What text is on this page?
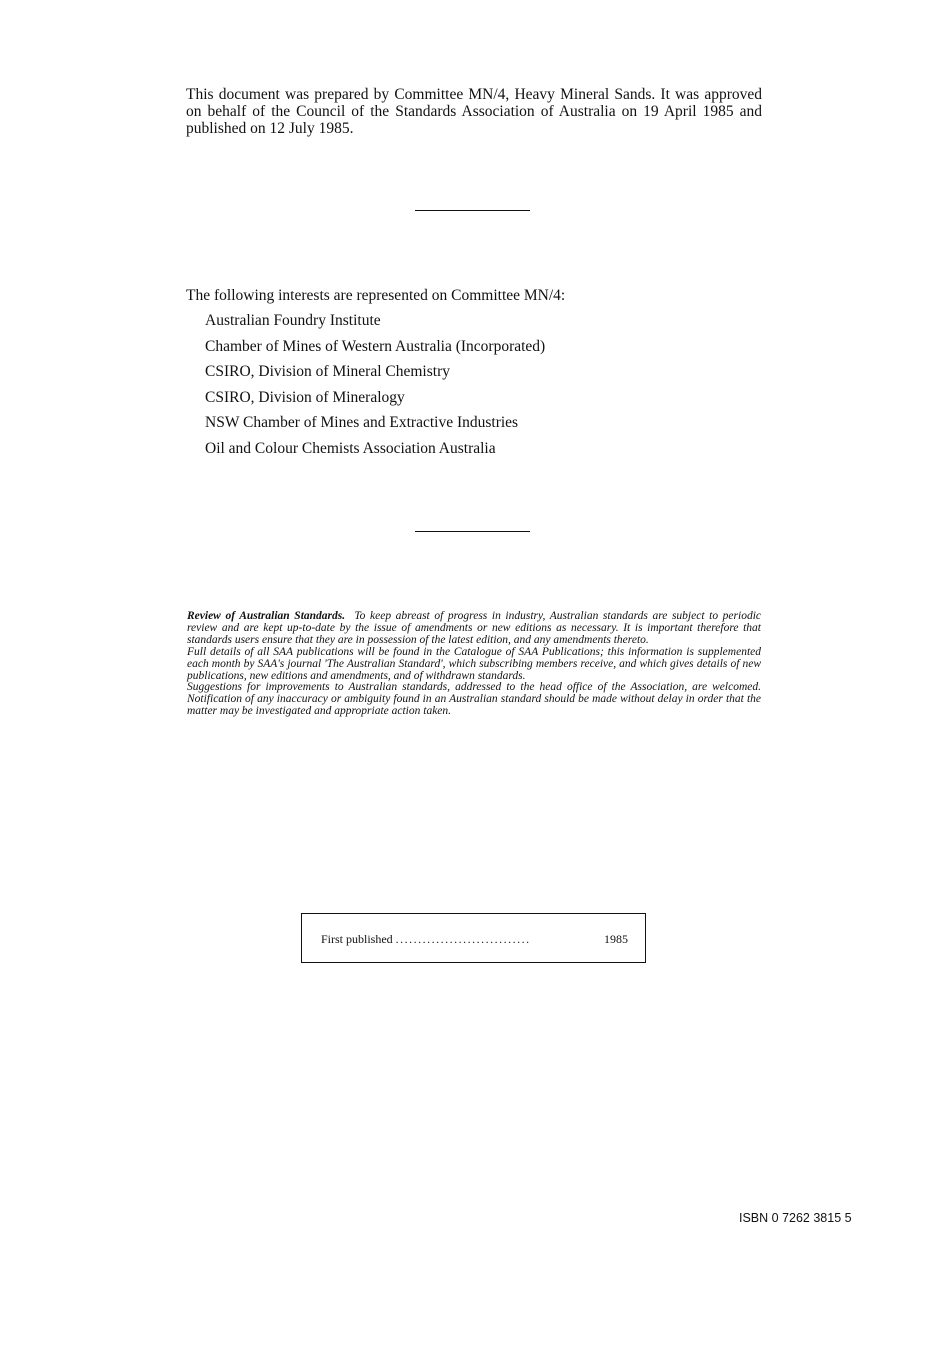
This document was prepared by Committee MN/4, Heavy Mineral Sands. It was approved on behalf of the Council of the Standards Association of Australia on 19 April 1985 and published on 12 July 1985.

The following interests are represented on Committee MN/4:

Australian Foundry Institute
Chamber of Mines of Western Australia (Incorporated)
CSIRO, Division of Mineral Chemistry
CSIRO, Division of Mineralogy
NSW Chamber of Mines and Extractive Industries
Oil and Colour Chemists Association Australia

Review of Australian Standards. To keep abreast of progress in industry, Australian standards are subject to periodic review and are kept up-to-date by the issue of amendments or new editions as necessary. It is important therefore that standards users ensure that they are in possession of the latest edition, and any amendments thereto.

Full details of all SAA publications will be found in the Catalogue of SAA Publications; this information is supplemented each month by SAA's journal 'The Australian Standard', which subscribing members receive, and which gives details of new publications, new editions and amendments, and of withdrawn standards.

Suggestions for improvements to Australian standards, addressed to the head office of the Association, are welcomed. Notification of any inaccuracy or ambiguity found in an Australian standard should be made without delay in order that the matter may be investigated and appropriate action taken.

First published ..............................	1985

ISBN 0 7262 3815 5
